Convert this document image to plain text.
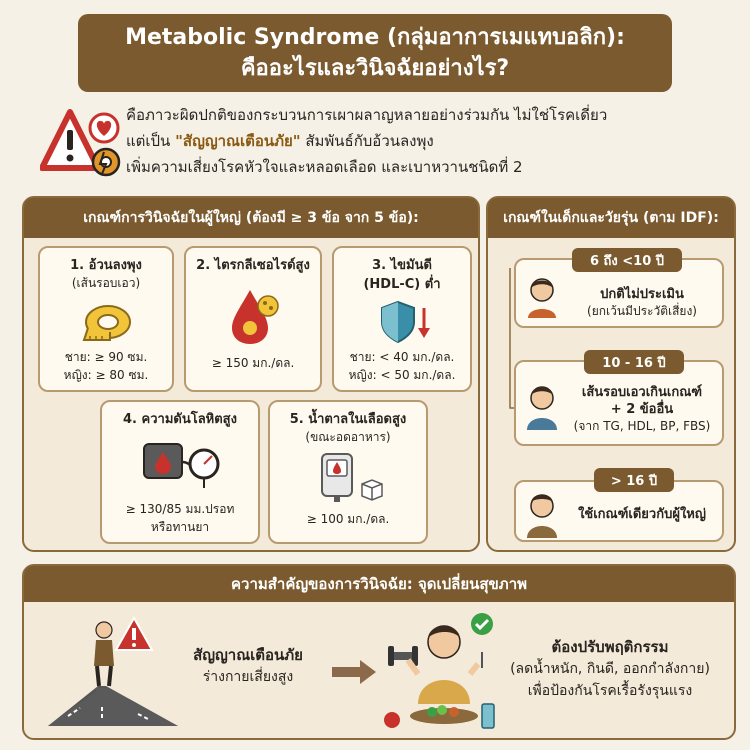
Metabolic Syndrome (กลุ่มอาการเมแทบอลิก):
คืออะไรและวินิจฉัยอย่างไร?
คือภาวะผิดปกติของกระบวนการเผาผลาญหลายอย่างร่วมกัน ไม่ใช่โรคเดี่ยว
แต่เป็น "สัญญาณเตือนภัย" สัมพันธ์กับอ้วนลงพุง
เพิ่มความเสี่ยงโรคหัวใจและหลอดเลือด และเบาหวานชนิดที่ 2
เกณฑ์การวินิจฉัยในผู้ใหญ่ (ต้องมี ≥ 3 ข้อ จาก 5 ข้อ):
1. อ้วนลงพุง
(เส้นรอบเอว)
ชาย: ≥ 90 ซม.
หญิง: ≥ 80 ซม.
2. ไตรกลีเซอไรด์สูง
≥ 150 มก./ดล.
3. ไขมันดี
(HDL-C) ต่ำ
ชาย: < 40 มก./ดล.
หญิง: < 50 มก./ดล.
4. ความดันโลหิตสูง
≥ 130/85 มม.ปรอท
หรือทานยา
5. น้ำตาลในเลือดสูง
(ขณะอดอาหาร)
≥ 100 มก./ดล.
เกณฑ์ในเด็กและวัยรุ่น (ตาม IDF):
ปกติไม่ประเมิน
(ยกเว้นมีประวัติเสี่ยง)
6 ถึง <10 ปี
เส้นรอบเอวเกินเกณฑ์
+ 2 ข้ออื่น
(จาก TG, HDL, BP, FBS)
10 - 16 ปี
ใช้เกณฑ์เดียวกับผู้ใหญ่
> 16 ปี
ความสำคัญของการวินิจฉัย: จุดเปลี่ยนสุขภาพ
สัญญาณเตือนภัย
ร่างกายเสี่ยงสูง
ต้องปรับพฤติกรรม
(ลดน้ำหนัก, กินดี, ออกกำลังกาย)
เพื่อป้องกันโรคเรื้อรังรุนแรง
